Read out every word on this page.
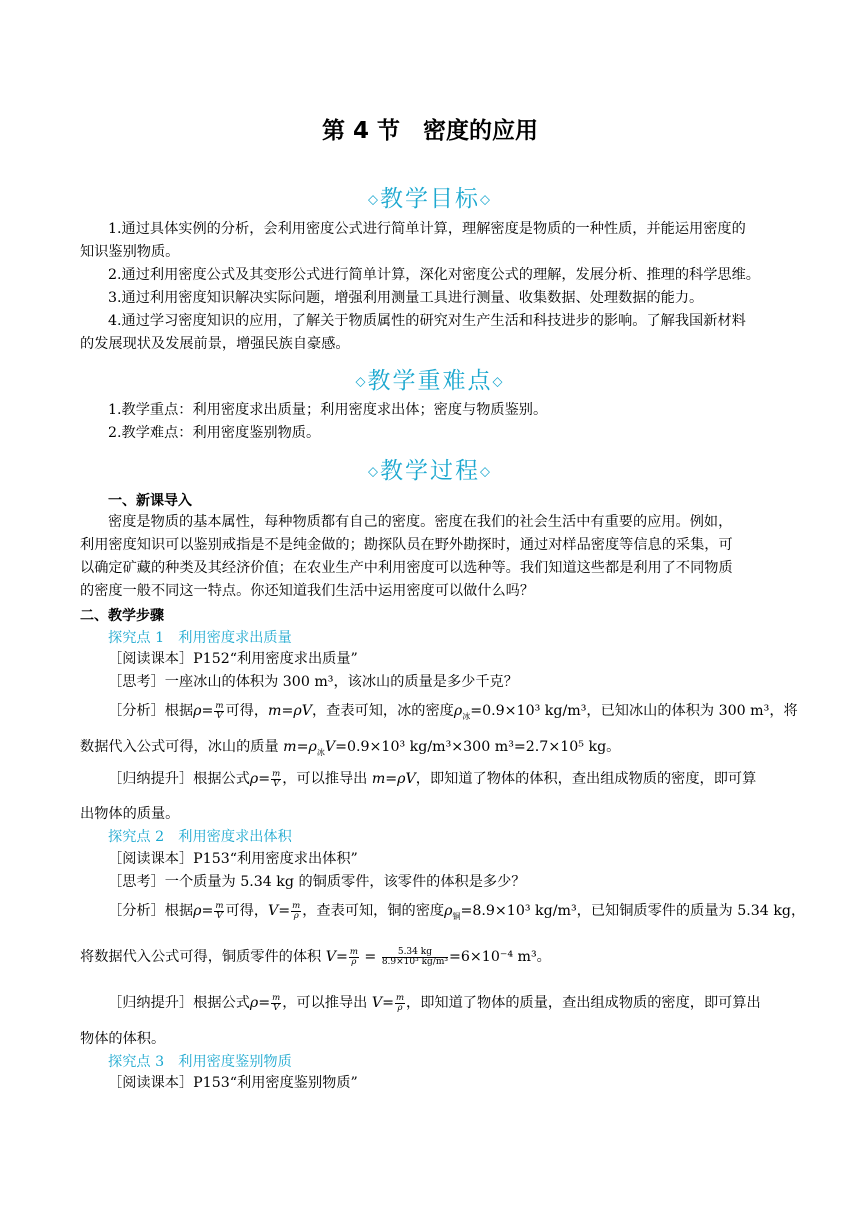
第 4 节　密度的应用
◇教学目标◇
1.通过具体实例的分析，会利用密度公式进行简单计算，理解密度是物质的一种性质，并能运用密度的
知识鉴别物质。
2.通过利用密度公式及其变形公式进行简单计算，深化对密度公式的理解，发展分析、推理的科学思维。
3.通过利用密度知识解决实际问题，增强利用测量工具进行测量、收集数据、处理数据的能力。
4.通过学习密度知识的应用，了解关于物质属性的研究对生产生活和科技进步的影响。了解我国新材料
的发展现状及发展前景，增强民族自豪感。
◇教学重难点◇
1.教学重点：利用密度求出质量；利用密度求出体；密度与物质鉴别。
2.教学难点：利用密度鉴别物质。
◇教学过程◇
一、新课导入
密度是物质的基本属性，每种物质都有自己的密度。密度在我们的社会生活中有重要的应用。例如，
利用密度知识可以鉴别戒指是不是纯金做的；勘探队员在野外勘探时，通过对样品密度等信息的采集，可
以确定矿藏的种类及其经济价值；在农业生产中利用密度可以选种等。我们知道这些都是利用了不同物质
的密度一般不同这一特点。你还知道我们生活中运用密度可以做什么吗？
二、教学步骤
探究点 1　利用密度求出质量
［阅读课本］P152“利用密度求出质量”
［思考］一座冰山的体积为 300 m³，该冰山的质量是多少千克？
［分析］根据$\rho= \frac{m}{V}$ 可得，m=ρV，查表可知，冰的密度$\rho_冰=0.9\times 10^3$ kg/m³，已知冰山的体积为 300 m³，将
数据代入公式可得，冰山的质量 $m=\rho_冰V=0.9\times 10^3$ kg/m³×300 m³=2.7×10⁵ kg。
［归纳提升］根据公式$\rho= \frac{m}{V}$ ，可以推导出 m=ρV，即知道了物体的体积，查出组成物质的密度，即可算
出物体的质量。
探究点 2　利用密度求出体积
［阅读课本］P153“利用密度求出体积”
［思考］一个质量为 5.34 kg 的铜质零件，该零件的体积是多少？
［分析］根据$\rho= \frac{m}{V}$ 可得，$V= \frac{m}{\rho}$ ，查表可知，铜的密度$\rho_铜=8.9\times 10^3$ kg/m³，已知铜质零件的质量为 5.34 kg，
将数据代入公式可得，铜质零件的体积 $V= \frac{m}{\rho} = \frac{5.34 kg}{\text{8.9×10³ kg/m³}} =6\times 10^{-4}$ m³。
［归纳提升］根据公式$\rho= \frac{m}{V}$ ，可以推导出 $V= \frac{m}{\rho}$ ，即知道了物体的质量，查出组成物质的密度，即可算出
物体的体积。
探究点 3　利用密度鉴别物质
［阅读课本］P153“利用密度鉴别物质”
